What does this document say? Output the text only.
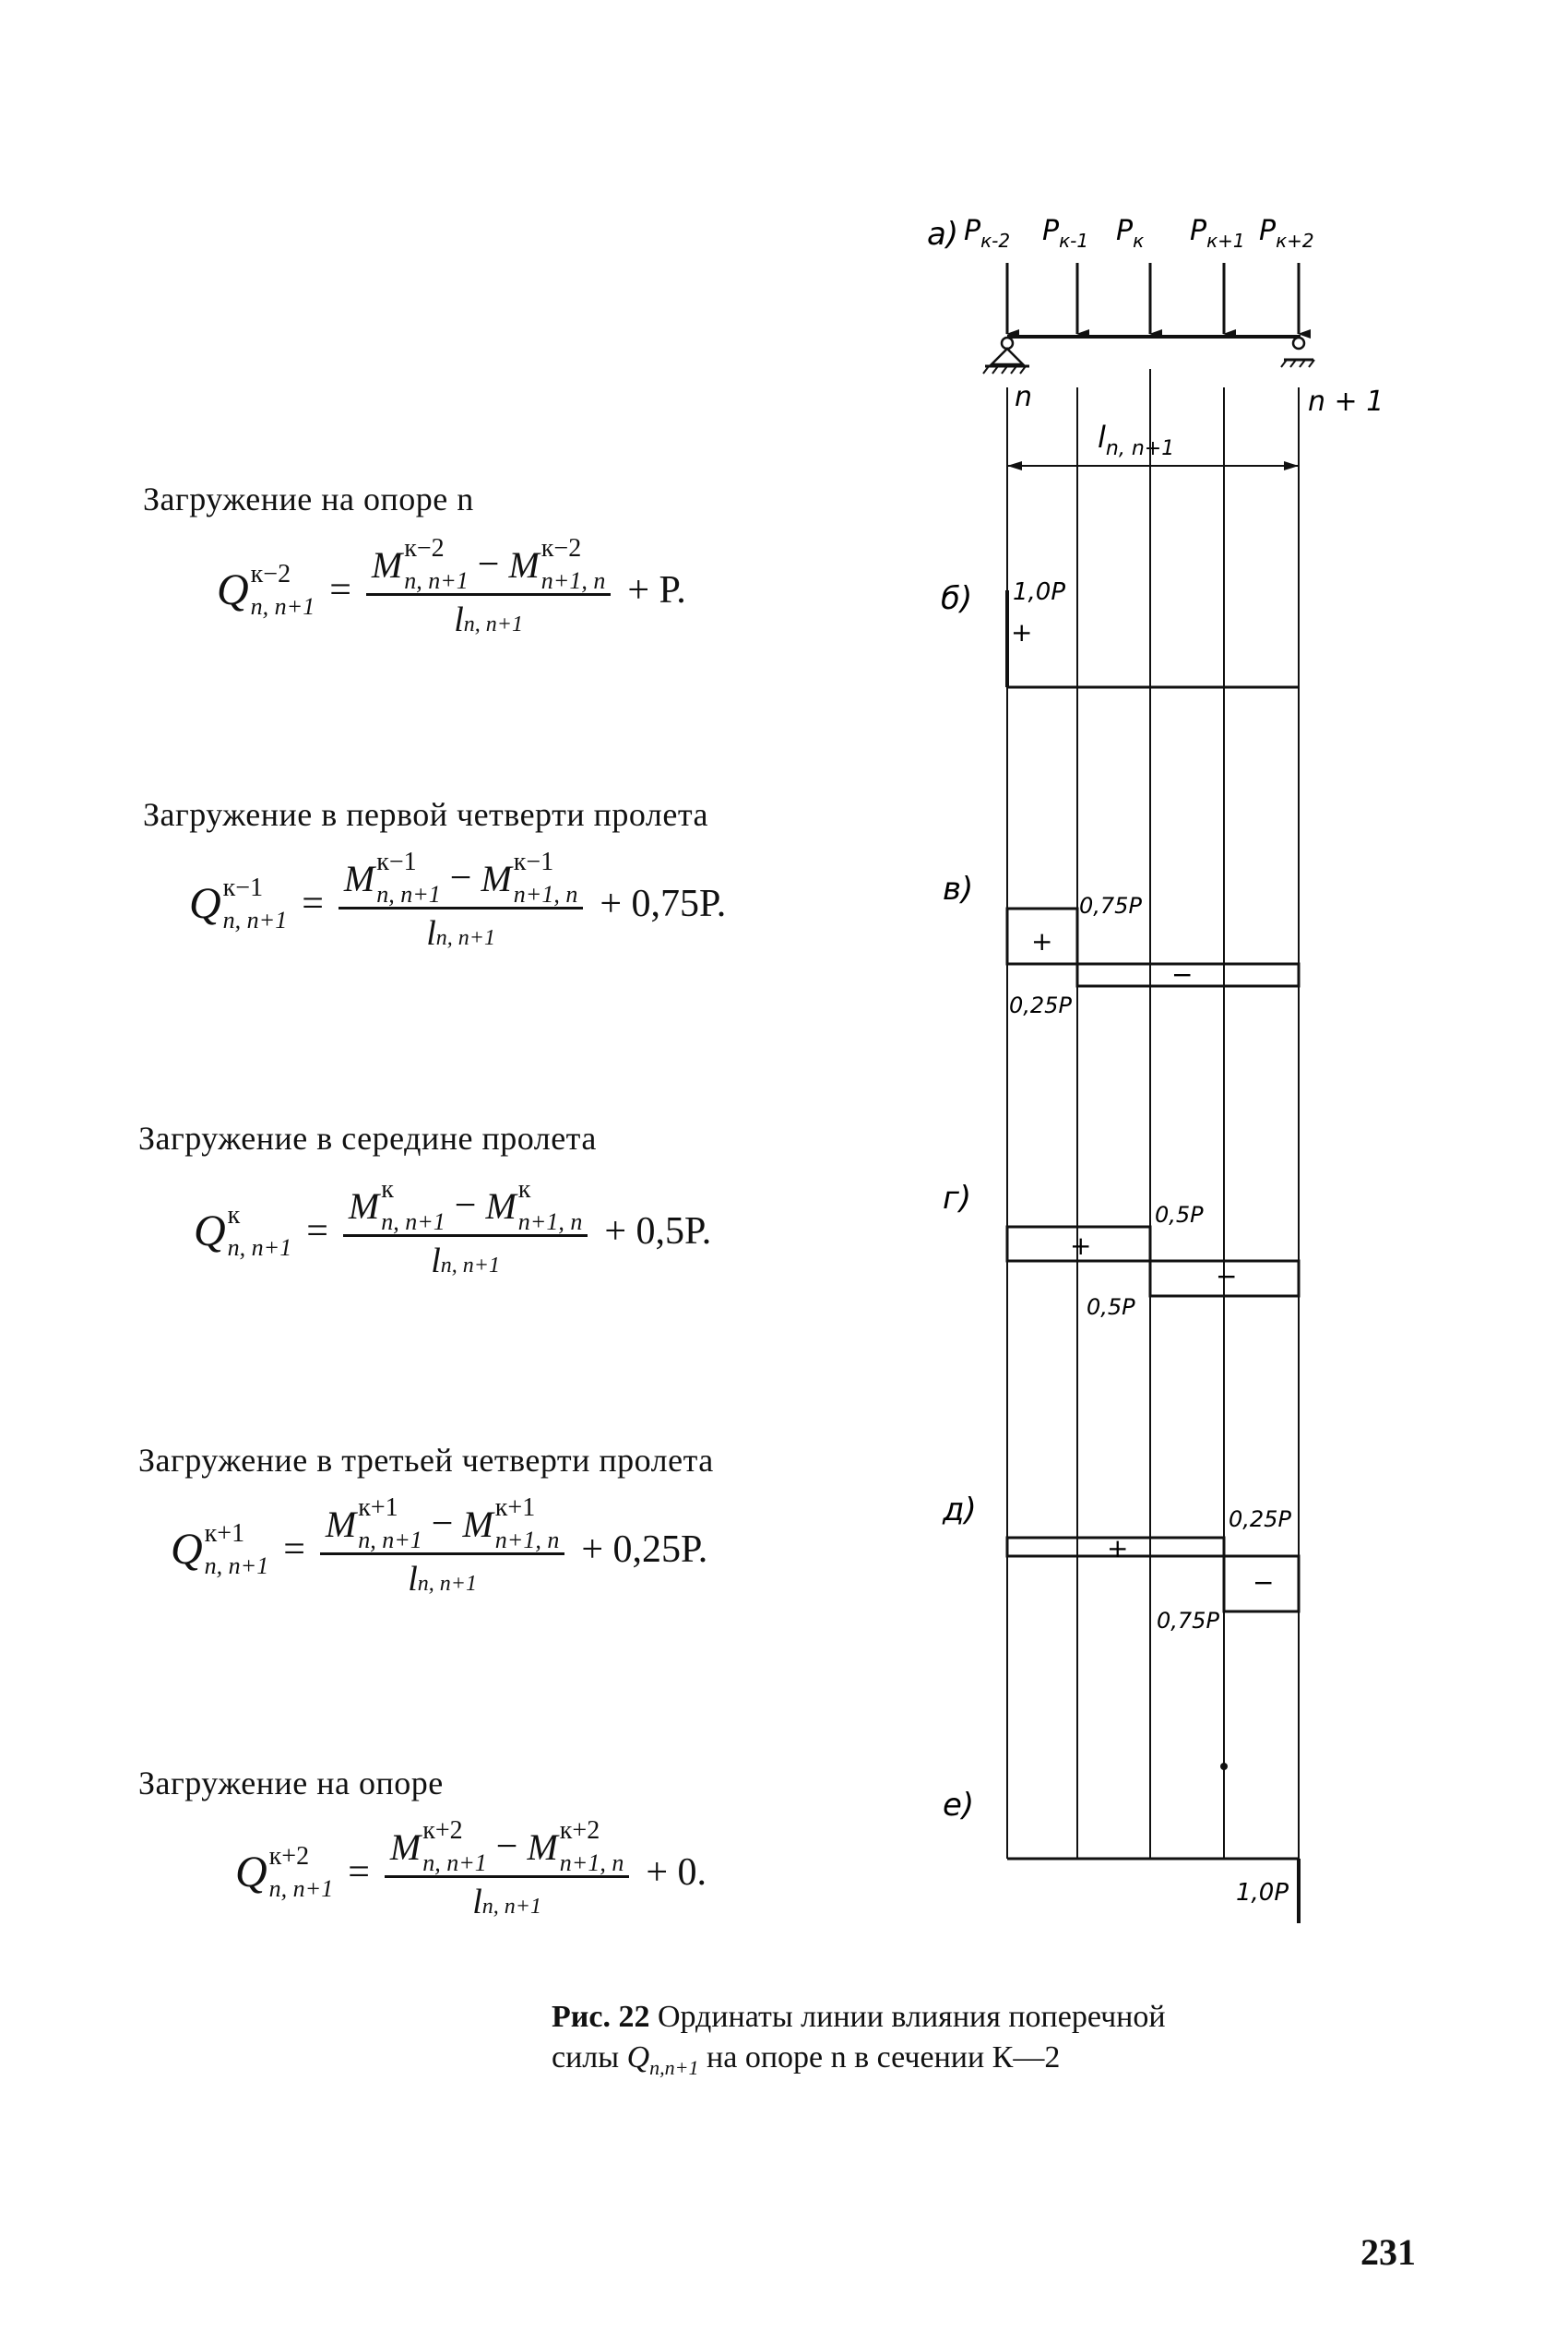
Загружение на опоре n
Q к−2
n, n+1 = M к−2
n, n+1 − M к−2
n+1, n
ln, n+1 + P.
Загружение в первой четверти пролета
Q к−1
n, n+1 = M к−1
n, n+1 − M к−1
n+1, n
ln, n+1 + 0,75P.
Загружение в середине пролета
Q к
n, n+1 = M к
n, n+1 − M к
n+1, n
ln, n+1 + 0,5P.
Загружение в третьей четверти пролета
Q к+1
n, n+1 = M к+1
n, n+1 − M к+1
n+1, n
ln, n+1 + 0,25P.
Загружение на опоре
Q к+2
n, n+1 = M к+2
n, n+1 − M к+2
n+1, n
ln, n+1 + 0.
а) $P_{к-2}$ $P_{к-1}$ $P_к$ $P_{к+1}$ $P_{к+2}$
n	n + 1
$l_{n, n+1}$
б) 1,0P
+
в)	0,75P
+
−
0,25P
г)	0,5P
+
−
0,5P
д)	0,25P
+
−
0,75P
е)
1,0P
Рис. 22 Ординаты линии влияния поперечной
силы $Q_{n,n+1}$ на опоре n в сечении К—2
231
